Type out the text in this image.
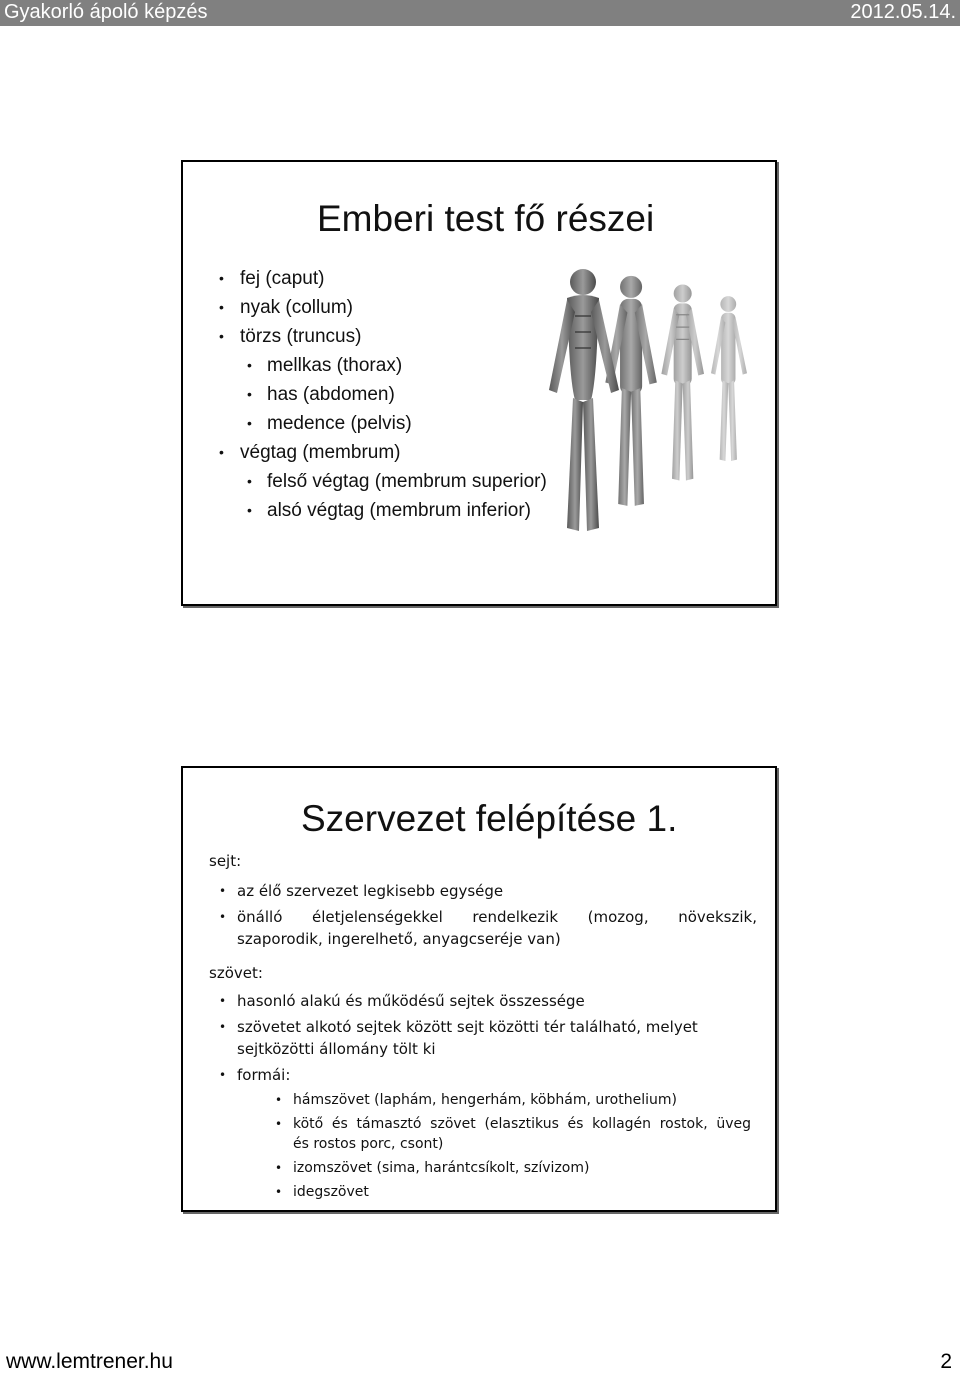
Gyakorló ápoló képzés	2012.05.14.
Emberi test fő részei
• fej (caput)
• nyak (collum)
• törzs (truncus)
• mellkas (thorax)
• has (abdomen)
• medence (pelvis)
• végtag (membrum)
• felső végtag (membrum superior)
• alsó végtag (membrum inferior)
Szervezet felépítése 1.
sejt:
• az élő szervezet legkisebb egysége
• önálló életjelenségekkel rendelkezik (mozog, növekszik,
szaporodik, ingerelhető, anyagcseréje van)
szövet:
• hasonló alakú és működésű sejtek összessége
• szövetet alkotó sejtek között sejt közötti tér található, melyet
sejtközötti állomány tölt ki
• formái:
• hámszövet (laphám, hengerhám, köbhám, urothelium)
• kötő és támasztó szövet (elasztikus és kollagén rostok, üveg
és rostos porc, csont)
• izomszövet (sima, harántcsíkolt, szívizom)
• idegszövet
www.lemtrener.hu	2
